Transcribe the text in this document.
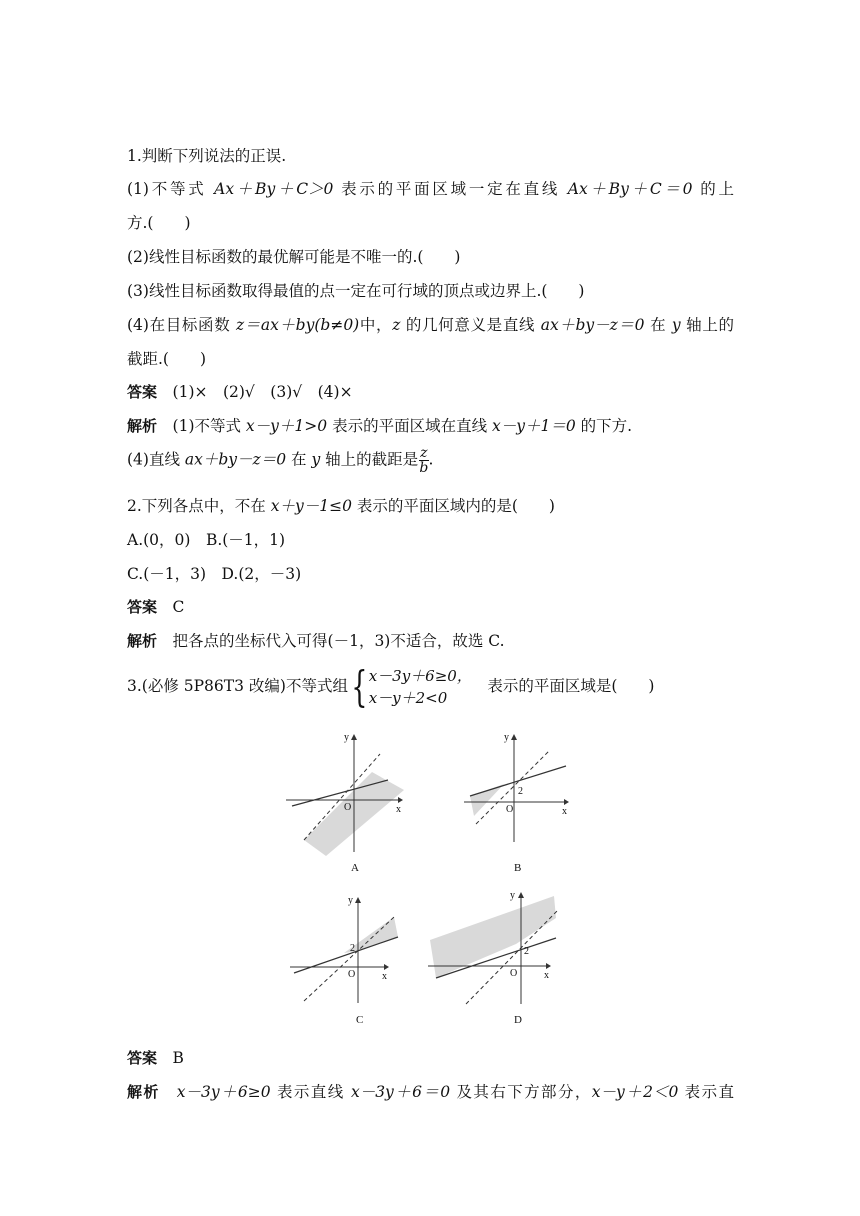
1.判断下列说法的正误.
(1)不等式 Ax＋By＋C＞0 表示的平面区域一定在直线 Ax＋By＋C＝0 的上
方.(　　)
(2)线性目标函数的最优解可能是不唯一的.(　　)
(3)线性目标函数取得最值的点一定在可行域的顶点或边界上.(　　)
(4)在目标函数 z＝ax＋by(b≠0)中，z 的几何意义是直线 ax＋by－z＝0 在 y 轴上的
截距.(　　)
答案　 (1)×　(2)√　(3)√　(4)×
解析　 (1)不等式 x－y＋1>0 表示的平面区域在直线 x－y＋1＝0 的下方.
(4)直线 ax＋by－z＝0 在 y 轴上的截距是 $\frac{z}{b}$ .
2.下列各点中，不在 x＋y－1≤0 表示的平面区域内的是(　　)
A.(0，0)　B.(－1，1)
C.(－1，3)　D.(2，－3)
答案　 C
解析　 把各点的坐标代入可得(－1，3)不适合，故选 C.
3.(必修 5P86T3 改编)不等式组{ x－3y＋6≥0，
x－y＋2<0
　表示的平面区域是(　　)
y
x
O
A
y
x
O
2
B
y
x
O
2
C
y
x
O
2
D
答案　 B
解析　 x－3y＋6≥0 表示直线 x－3y＋6＝0 及其右下方部分，x－y＋2＜0 表示直
